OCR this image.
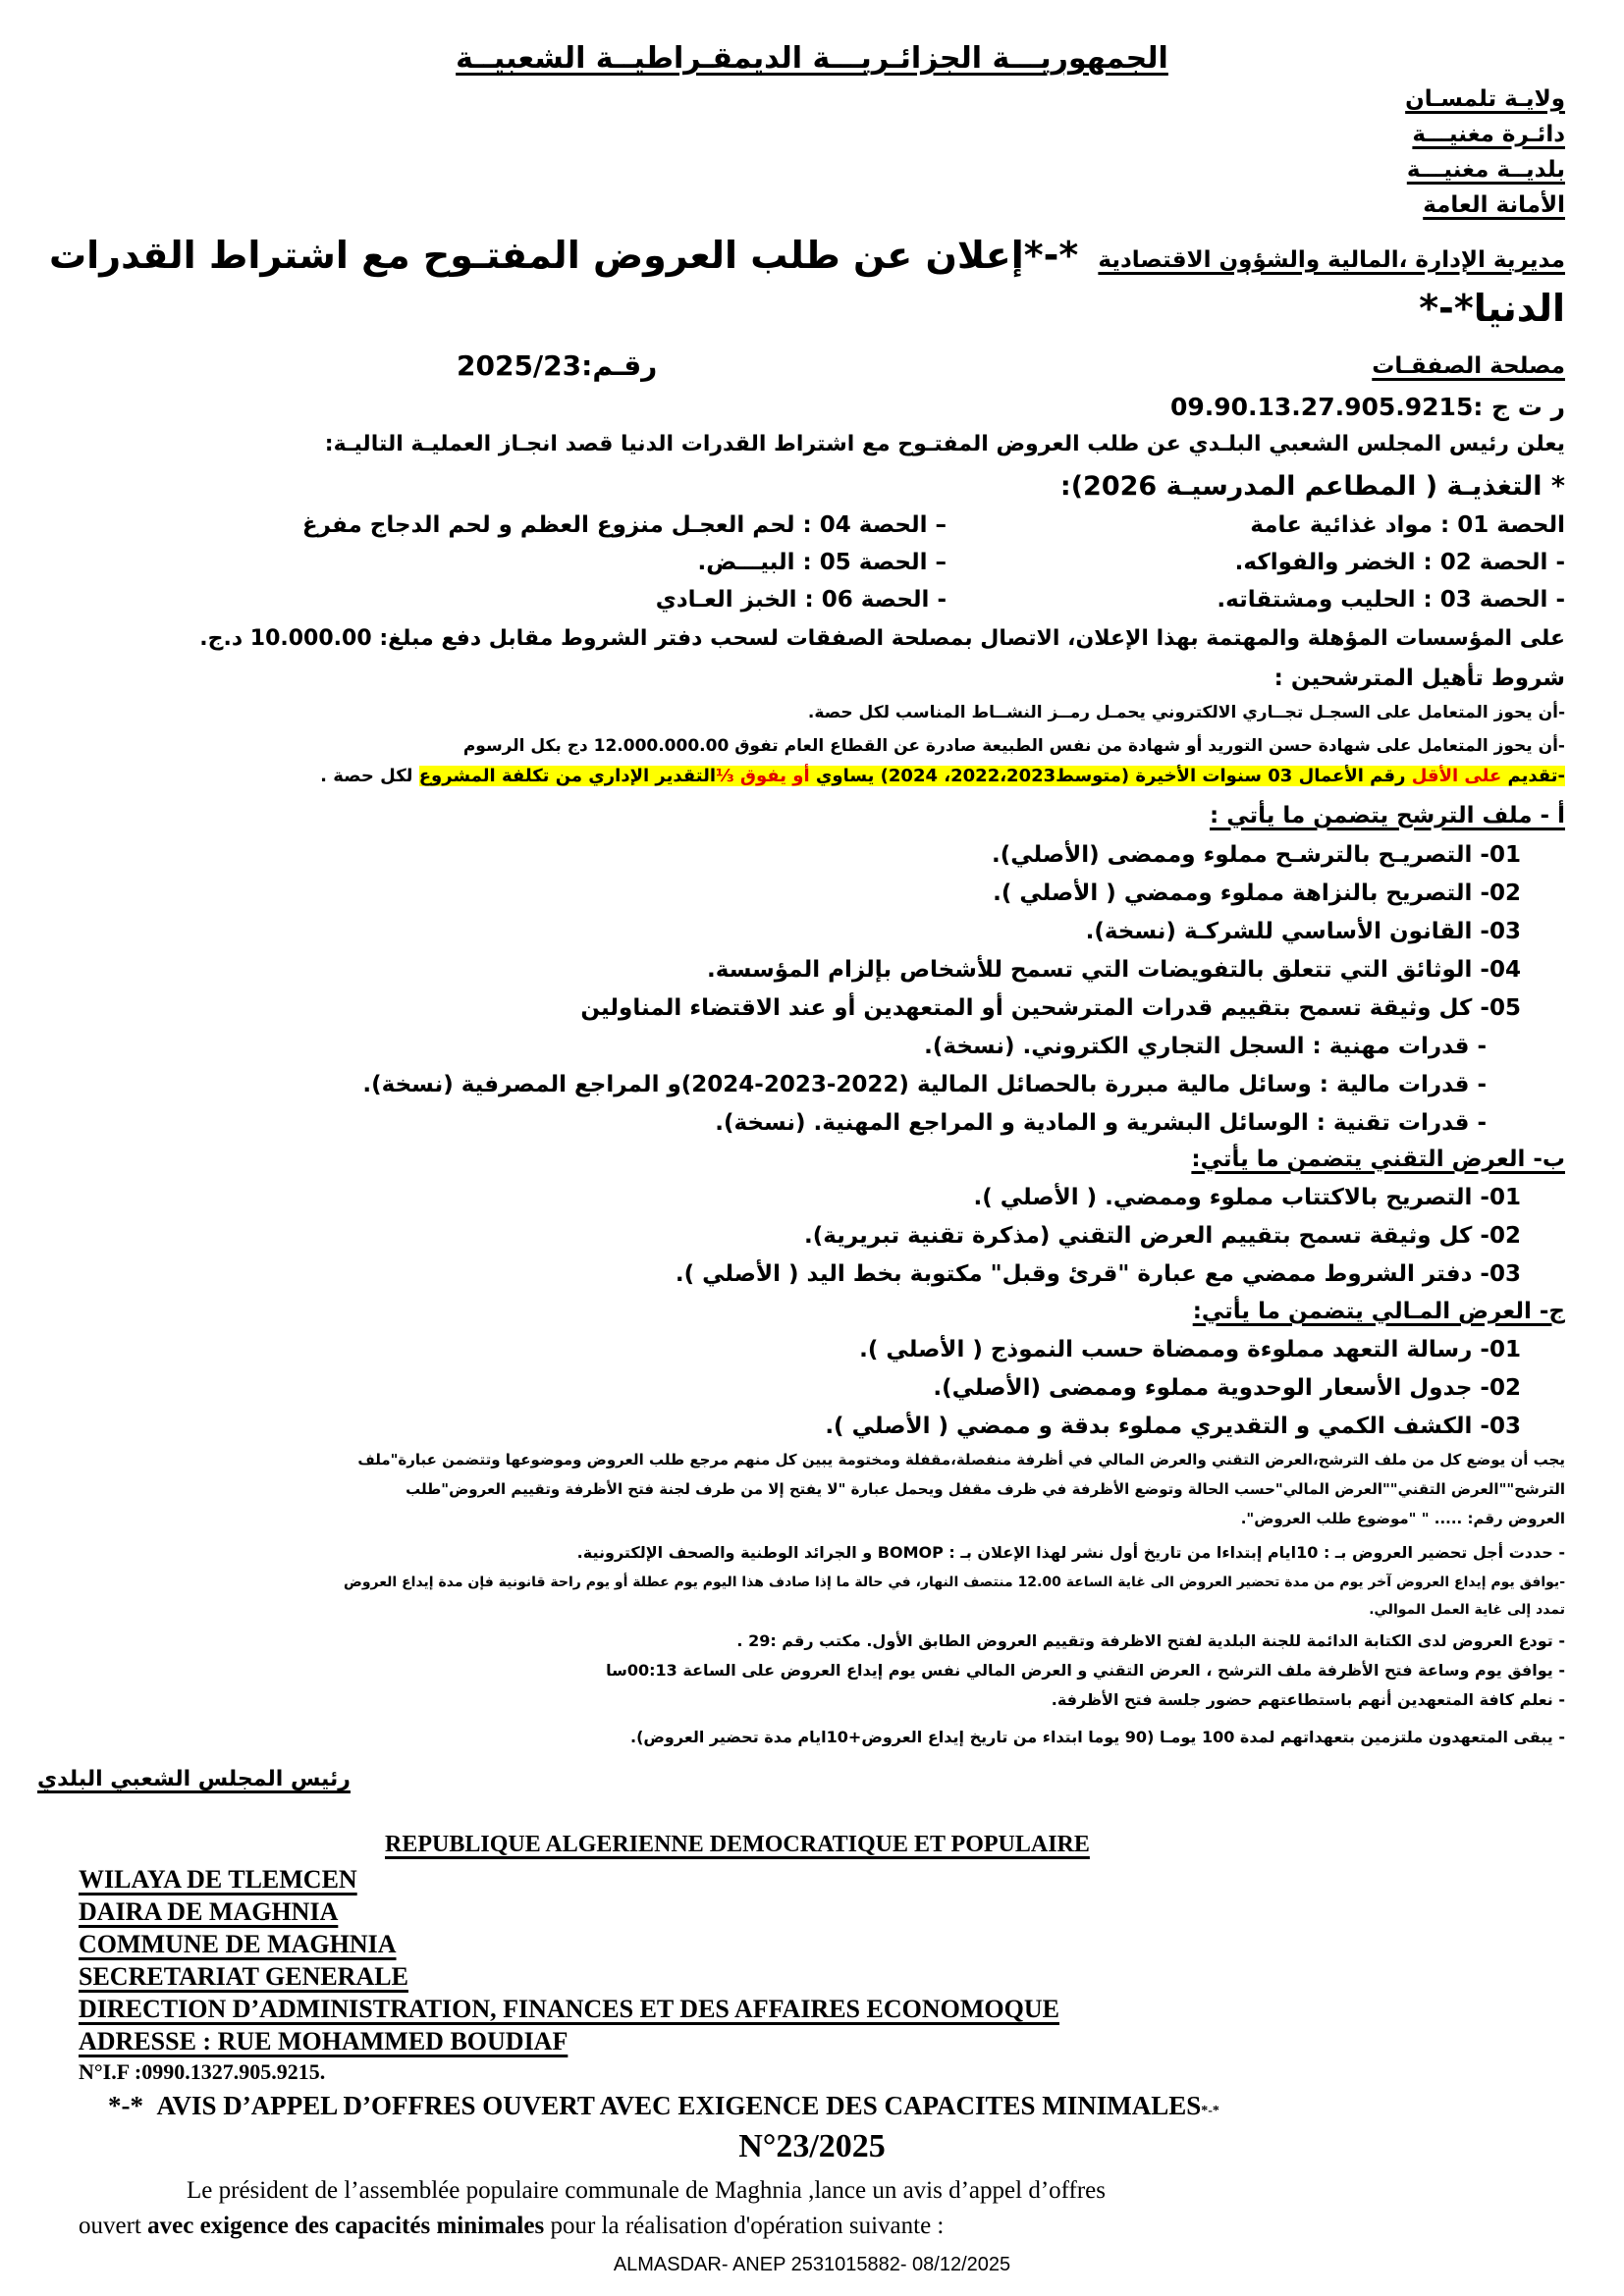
الجمهوريـــة الجزائـريـــة الديمقـراطيــة الشعبيــة
ولايـة تلمسـان
دائـرة مغنيـــة
بلديــة مغنيـــة
الأمانة العامة
مديرية الإدارة ،المالية والشؤون الاقتصادية
*-*إعلان عن طلب العروض المفتـوح مع اشتراط القدرات
الدنيا*-*
مصلحة الصفقـات
رقـم:2025/23
ر ت ج :09.90.13.27.905.9215
يعلن رئيس المجلس الشعبي البلـدي عن طلب العروض المفتـوح مع اشتراط القدرات الدنيا قصد انجـاز العمليـة التاليـة:
* التغذيـة ( المطاعم المدرسيـة 2026):
الحصة 01 : مواد غذائية عامة
- الحصة 02 : الخضر والفواكه.
- الحصة 03 : الحليب ومشتقاته.
– الحصة 04 : لحم العجـل منزوع العظم و لحم الدجاج مفرغ
– الحصة 05 : البيـــض.
- الحصة 06 : الخبز العـادي
على المؤسسات المؤهلة والمهتمة بهذا الإعلان، الاتصال بمصلحة الصفقات لسحب دفتر الشروط مقابل دفع مبلغ: 10.000.00 د.ج.
شروط تأهيل المترشحين :
-أن يحوز المتعامل على السجـل تجــاري الالكتروني يحمـل رمــز النشــاط المناسب لكل حصة.
-أن يحوز المتعامل على شهادة حسن التوريد أو شهادة من نفس الطبيعة صادرة عن القطاع العام تفوق 12.000.000.00 دج بكل الرسوم
-تقديم على الأقل رقم الأعمال 03 سنوات الأخيرة (متوسط2022،2023، 2024) يساوي أو يفوق ⅓التقدير الإداري من تكلفة المشروع لكل حصة .
أ - ملف الترشح يتضمن ما يأتي :
01- التصريـح بالترشـح مملوء وممضى (الأصلي).
02- التصريح بالنزاهة مملوء وممضي ( الأصلي ).
03- القانون الأساسي للشركـة (نسخة).
04- الوثائق التي تتعلق بالتفويضات التي تسمح للأشخاص بإلزام المؤسسة.
05- كل وثيقة تسمح بتقييم قدرات المترشحين أو المتعهدين أو عند الاقتضاء المناولين
- قدرات مهنية : السجل التجاري الكتروني. (نسخة).
- قدرات مالية : وسائل مالية مبررة بالحصائل المالية (2022-2023-2024)و المراجع المصرفية (نسخة).
- قدرات تقنية : الوسائل البشرية و المادية و المراجع المهنية. (نسخة).
ب- العرض التقني يتضمن ما يأتي:
01- التصريح بالاكتتاب مملوء وممضي. ( الأصلي ).
02- كل وثيقة تسمح بتقييم العرض التقني (مذكرة تقنية تبريرية).
03- دفتر الشروط ممضي مع عبارة "قرئ وقبل" مكتوبة بخط اليد ( الأصلي ).
ج- العرض المـالي يتضمن ما يأتي:
01- رسالة التعهد مملوءة وممضاة حسب النموذج ( الأصلي ).
02- جدول الأسعار الوحدوية مملوء وممضى (الأصلي).
03- الكشف الكمي و التقديري مملوء بدقة و ممضي ( الأصلي ).
يجب أن يوضع كل من ملف الترشح،العرض التقني والعرض المالي في أظرفة منفصلة،مقفلة ومختومة يبين كل منهم مرجع طلب العروض وموضوعها وتتضمن عبارة"ملف
الترشح""العرض التقني""العرض المالي"حسب الحالة وتوضع الأظرفة في ظرف مقفل ويحمل عبارة "لا يفتح إلا من طرف لجنة فتح الأظرفة وتقييم العروض"طلب
العروض رقم: ..... " "موضوع طلب العروض".
- حددت أجل تحضير العروض بـ : 10ايام إبتداءا من تاريخ أول نشر لهذا الإعلان بـ : BOMOP و الجرائد الوطنية والصحف الإلكترونية.
-يوافق يوم إيداع العروض آخر يوم من مدة تحضير العروض الى غاية الساعة 12.00 منتصف النهار، في حالة ما إذا صادف هذا اليوم يوم عطلة أو يوم راحة قانونية فإن مدة إيداع العروض
تمدد إلى غاية العمل الموالي.
- تودع العروض لدى الكتابة الدائمة للجنة البلدية لفتح الاظرفة وتقييم العروض الطابق الأول. مكتب رقم :29 .
- يوافق يوم وساعة فتح الأظرفة ملف الترشح ، العرض التقني و العرض المالي نفس يوم إيداع العروض على الساعة 00:13سا
- نعلم كافة المتعهدين أنهم باستطاعتهم حضور جلسة فتح الأظرفة.
- يبقى المتعهدون ملتزمين بتعهداتهم لمدة 100 يومـا (90 يوما ابتداء من تاريخ إيداع العروض+10ايام مدة تحضير العروض).
رئيس المجلس الشعبي البلدي
REPUBLIQUE ALGERIENNE DEMOCRATIQUE ET POPULAIRE
WILAYA DE TLEMCEN
DAIRA DE MAGHNIA
COMMUNE DE MAGHNIA
SECRETARIAT GENERALE
DIRECTION D’ADMINISTRATION, FINANCES ET DES AFFAIRES ECONOMOQUE
ADRESSE : RUE MOHAMMED BOUDIAF
N°I.F :0990.1327.905.9215.
*-* AVIS D’APPEL D’OFFRES OUVERT AVEC EXIGENCE DES CAPACITES MINIMALES*-*
N°23/2025
Le président de l’assemblée populaire communale de Maghnia ,lance un avis d’appel d’offres
ouvert avec exigence des capacités minimales pour la réalisation d'opération suivante :
ALMASDAR- ANEP 2531015882- 08/12/2025
